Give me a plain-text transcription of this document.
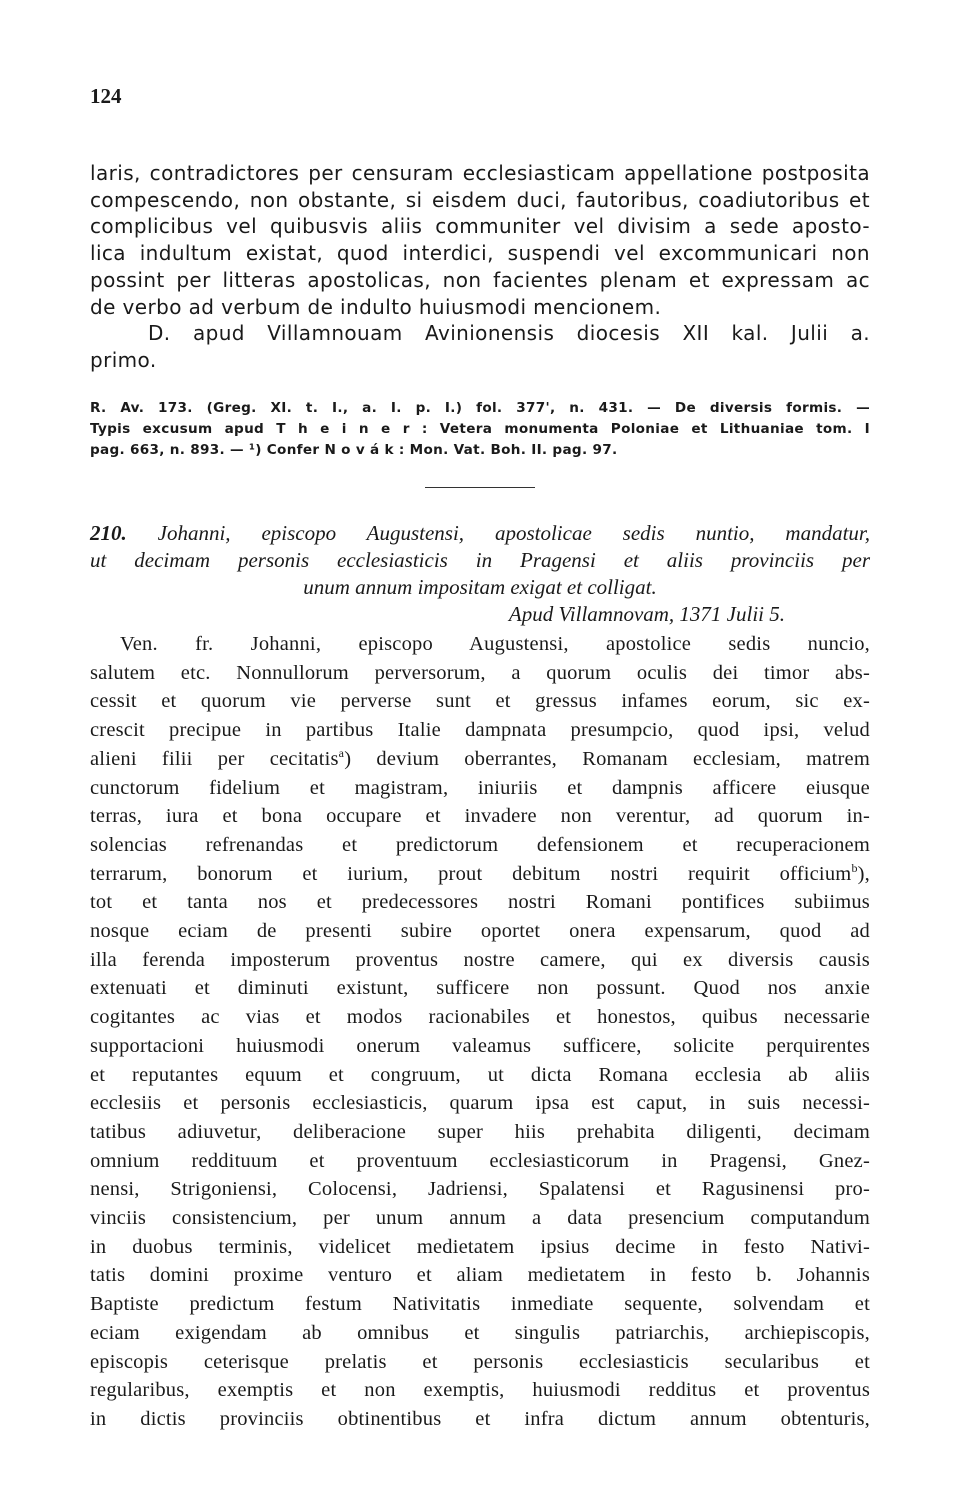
124
laris, contradictores per censuram ecclesiasticam appellatione postposita
compescendo, non obstante, si eisdem duci, fautoribus, coadiutoribus et
complicibus vel quibusvis aliis communiter vel divisim a sede aposto-
lica indultum existat, quod interdici, suspendi vel excommunicari non
possint per litteras apostolicas, non facientes plenam et expressam ac
de verbo ad verbum de indulto huiusmodi mencionem.
D. apud Villamnouam Avinionensis diocesis XII kal. Julii a.
primo.
R. Av. 173. (Greg. XI. t. I., a. I. p. I.) fol. 377', n. 431. — De diversis formis. —
Typis excusum apud T h e i n e r : Vetera monumenta Poloniae et Lithuaniae tom. I
pag. 663, n. 893. — ¹) Confer N o v á k : Mon. Vat. Boh. II. pag. 97.
210. Johanni, episcopo Augustensi, apostolicae sedis nuntio, mandatur,
ut decimam personis ecclesiasticis in Pragensi et aliis provinciis per
unum annum impositam exigat et colligat.
Apud Villamnovam, 1371 Julii 5.
Ven. fr. Johanni, episcopo Augustensi, apostolice sedis nuncio,
salutem etc. Nonnullorum perversorum, a quorum oculis dei timor abs-
cessit et quorum vie perverse sunt et gressus infames eorum, sic ex-
crescit precipue in partibus Italie dampnata presumpcio, quod ipsi, velud
alieni filii per cecitatis$^a$) devium oberrantes, Romanam ecclesiam, matrem
cunctorum fidelium et magistram, iniuriis et dampnis afficere eiusque
terras, iura et bona occupare et invadere non verentur, ad quorum in-
solencias refrenandas et predictorum defensionem et recuperacionem
terrarum, bonorum et iurium, prout debitum nostri requirit officium$^b$),
tot et tanta nos et predecessores nostri Romani pontifices subiimus
nosque eciam de presenti subire oportet onera expensarum, quod ad
illa ferenda imposterum proventus nostre camere, qui ex diversis causis
extenuati et diminuti existunt, sufficere non possunt. Quod nos anxie
cogitantes ac vias et modos racionabiles et honestos, quibus necessarie
supportacioni huiusmodi onerum valeamus sufficere, solicite perquirentes
et reputantes equum et congruum, ut dicta Romana ecclesia ab aliis
ecclesiis et personis ecclesiasticis, quarum ipsa est caput, in suis necessi-
tatibus adiuvetur, deliberacione super hiis prehabita diligenti, decimam
omnium reddituum et proventuum ecclesiasticorum in Pragensi, Gnez-
nensi, Strigoniensi, Colocensi, Jadriensi, Spalatensi et Ragusinensi pro-
vinciis consistencium, per unum annum a data presencium computandum
in duobus terminis, videlicet medietatem ipsius decime in festo Nativi-
tatis domini proxime venturo et aliam medietatem in festo b. Johannis
Baptiste predictum festum Nativitatis inmediate sequente, solvendam et
eciam exigendam ab omnibus et singulis patriarchis, archiepiscopis,
episcopis ceterisque prelatis et personis ecclesiasticis secularibus et
regularibus, exemptis et non exemptis, huiusmodi redditus et proventus
in dictis provinciis obtinentibus et infra dictum annum obtenturis,
